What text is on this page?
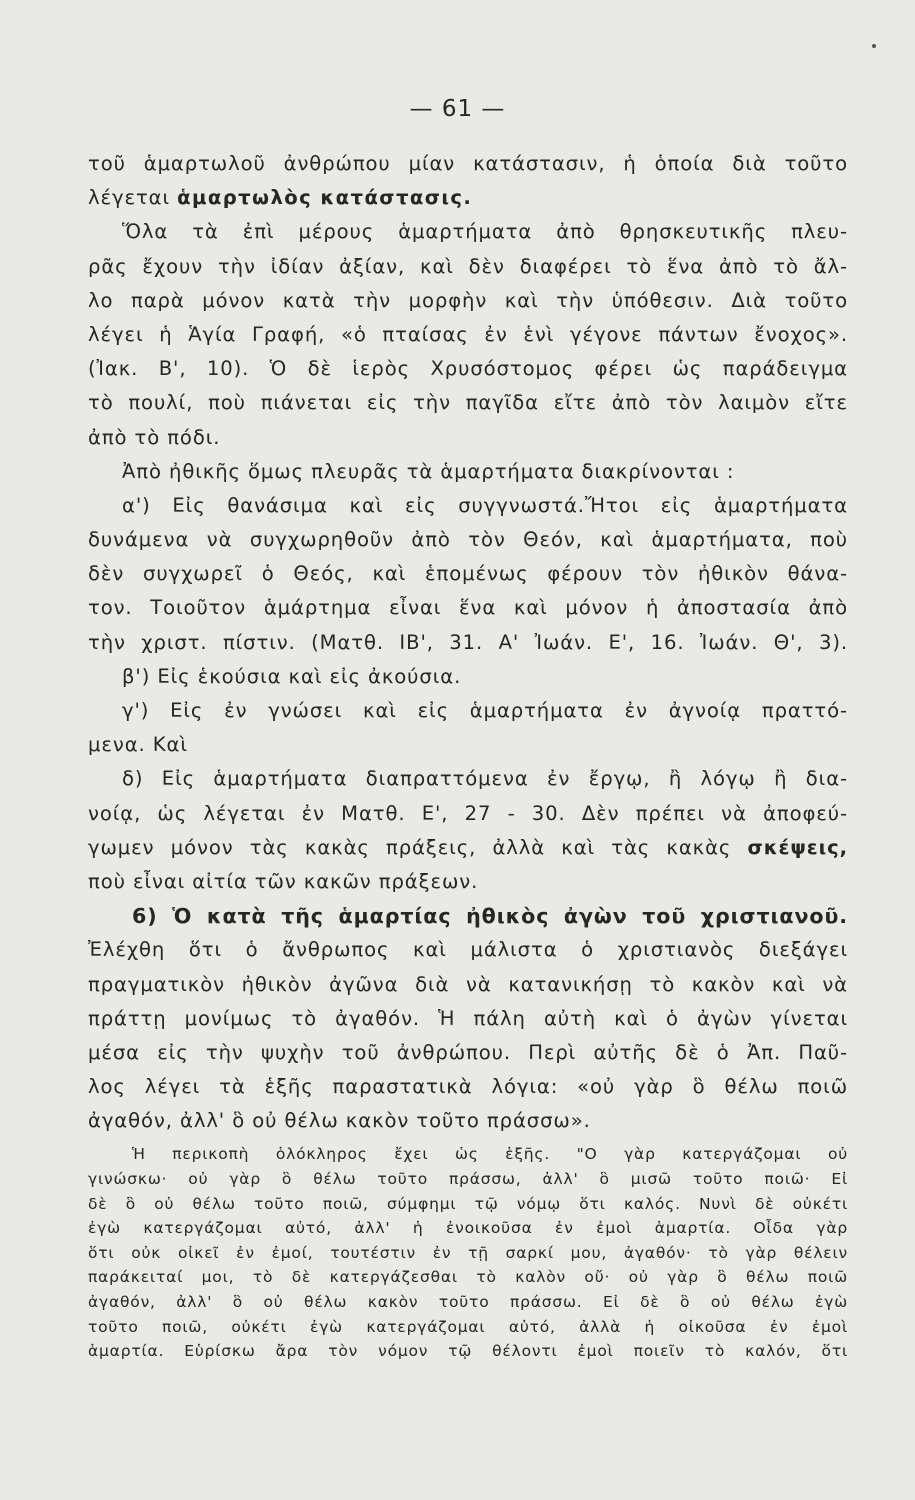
— 61 —
τοῦ ἁμαρτωλοῦ ἀνθρώπου μίαν κατάστασιν, ἡ ὁποία διὰ τοῦτο
λέγεται ἁμαρτωλὸς κατάστασις.
Ὅλα τὰ ἐπὶ μέρους ἁμαρτήματα ἀπὸ θρησκευτικῆς πλευ-
ρᾶς ἔχουν τὴν ἰδίαν ἀξίαν, καὶ δὲν διαφέρει τὸ ἕνα ἀπὸ τὸ ἄλ-
λο παρὰ μόνον κατὰ τὴν μορφὴν καὶ τὴν ὑπόθεσιν. Διὰ τοῦτο
λέγει ἡ Ἁγία Γραφή, «ὁ πταίσας ἐν ἑνὶ γέγονε πάντων ἔνοχος».
(Ἰακ. Β', 10). Ὁ δὲ ἱερὸς Χρυσόστομος φέρει ὡς παράδειγμα
τὸ πουλί, ποὺ πιάνεται εἰς τὴν παγῖδα εἴτε ἀπὸ τὸν λαιμὸν εἴτε
ἀπὸ τὸ πόδι.
Ἀπὸ ἠθικῆς ὅμως πλευρᾶς τὰ ἁμαρτήματα διακρίνονται :
α') Εἰς θανάσιμα καὶ εἰς συγγνωστά.Ἤτοι εἰς ἁμαρτήματα
δυνάμενα νὰ συγχωρηθοῦν ἀπὸ τὸν Θεόν, καὶ ἁμαρτήματα, ποὺ
δὲν συγχωρεῖ ὁ Θεός, καὶ ἑπομένως φέρουν τὸν ἠθικὸν θάνα-
τον. Τοιοῦτον ἁμάρτημα εἶναι ἕνα καὶ μόνον ἡ ἀποστασία ἀπὸ
τὴν χριστ. πίστιν. (Ματθ. ΙΒ', 31. Α' Ἰωάν. Ε', 16. Ἰωάν. Θ', 3).
β') Εἰς ἑκούσια καὶ εἰς ἀκούσια.
γ') Εἰς ἐν γνώσει καὶ εἰς ἁμαρτήματα ἐν ἀγνοίᾳ πραττό-
μενα. Καὶ
δ) Εἰς ἁμαρτήματα διαπραττόμενα ἐν ἔργῳ, ἢ λόγῳ ἢ δια-
νοίᾳ, ὡς λέγεται ἐν Ματθ. Ε', 27 - 30. Δὲν πρέπει νὰ ἀποφεύ-
γωμεν μόνον τὰς κακὰς πράξεις, ἀλλὰ καὶ τὰς κακὰς σκέψεις,
ποὺ εἶναι αἰτία τῶν κακῶν πράξεων.
6) Ὁ κατὰ τῆς ἁμαρτίας ἠθικὸς ἀγὼν τοῦ χριστιανοῦ.
Ἐλέχθη ὅτι ὁ ἄνθρωπος καὶ μάλιστα ὁ χριστιανὸς διεξάγει
πραγματικὸν ἠθικὸν ἀγῶνα διὰ νὰ κατανικήσῃ τὸ κακὸν καὶ νὰ
πράττῃ μονίμως τὸ ἀγαθόν. Ἡ πάλη αὐτὴ καὶ ὁ ἀγὼν γίνεται
μέσα εἰς τὴν ψυχὴν τοῦ ἀνθρώπου. Περὶ αὐτῆς δὲ ὁ Ἀπ. Παῦ-
λος λέγει τὰ ἑξῆς παραστατικὰ λόγια: «οὐ γὰρ ὃ θέλω ποιῶ
ἀγαθόν, ἀλλ' ὃ οὐ θέλω κακὸν τοῦτο πράσσω».
Ἡ περικοπὴ ὁλόκληρος ἔχει ὡς ἑξῆς. "Ο γὰρ κατεργάζομαι οὐ
γινώσκω· οὐ γὰρ ὃ θέλω τοῦτο πράσσω, ἀλλ' ὃ μισῶ τοῦτο ποιῶ· Εἰ
δὲ ὃ οὐ θέλω τοῦτο ποιῶ, σύμφημι τῷ νόμῳ ὅτι καλός. Νυνὶ δὲ οὐκέτι
ἐγὼ κατεργάζομαι αὐτό, ἀλλ' ἡ ἐνοικοῦσα ἐν ἐμοὶ ἁμαρτία. Οἶδα γὰρ
ὅτι οὐκ οἰκεῖ ἐν ἐμοί, τουτέστιν ἐν τῇ σαρκί μου, ἀγαθόν· τὸ γὰρ θέλειν
παράκειταί μοι, τὸ δὲ κατεργάζεσθαι τὸ καλὸν οὔ· οὐ γὰρ ὃ θέλω ποιῶ
ἀγαθόν, ἀλλ' ὃ οὐ θέλω κακὸν τοῦτο πράσσω. Εἰ δὲ ὃ οὐ θέλω ἐγὼ
τοῦτο ποιῶ, οὐκέτι ἐγὼ κατεργάζομαι αὐτό, ἀλλὰ ἡ οἰκοῦσα ἐν ἐμοὶ
ἁμαρτία. Εὑρίσκω ἄρα τὸν νόμον τῷ θέλοντι ἐμοὶ ποιεῖν τὸ καλόν, ὅτι
